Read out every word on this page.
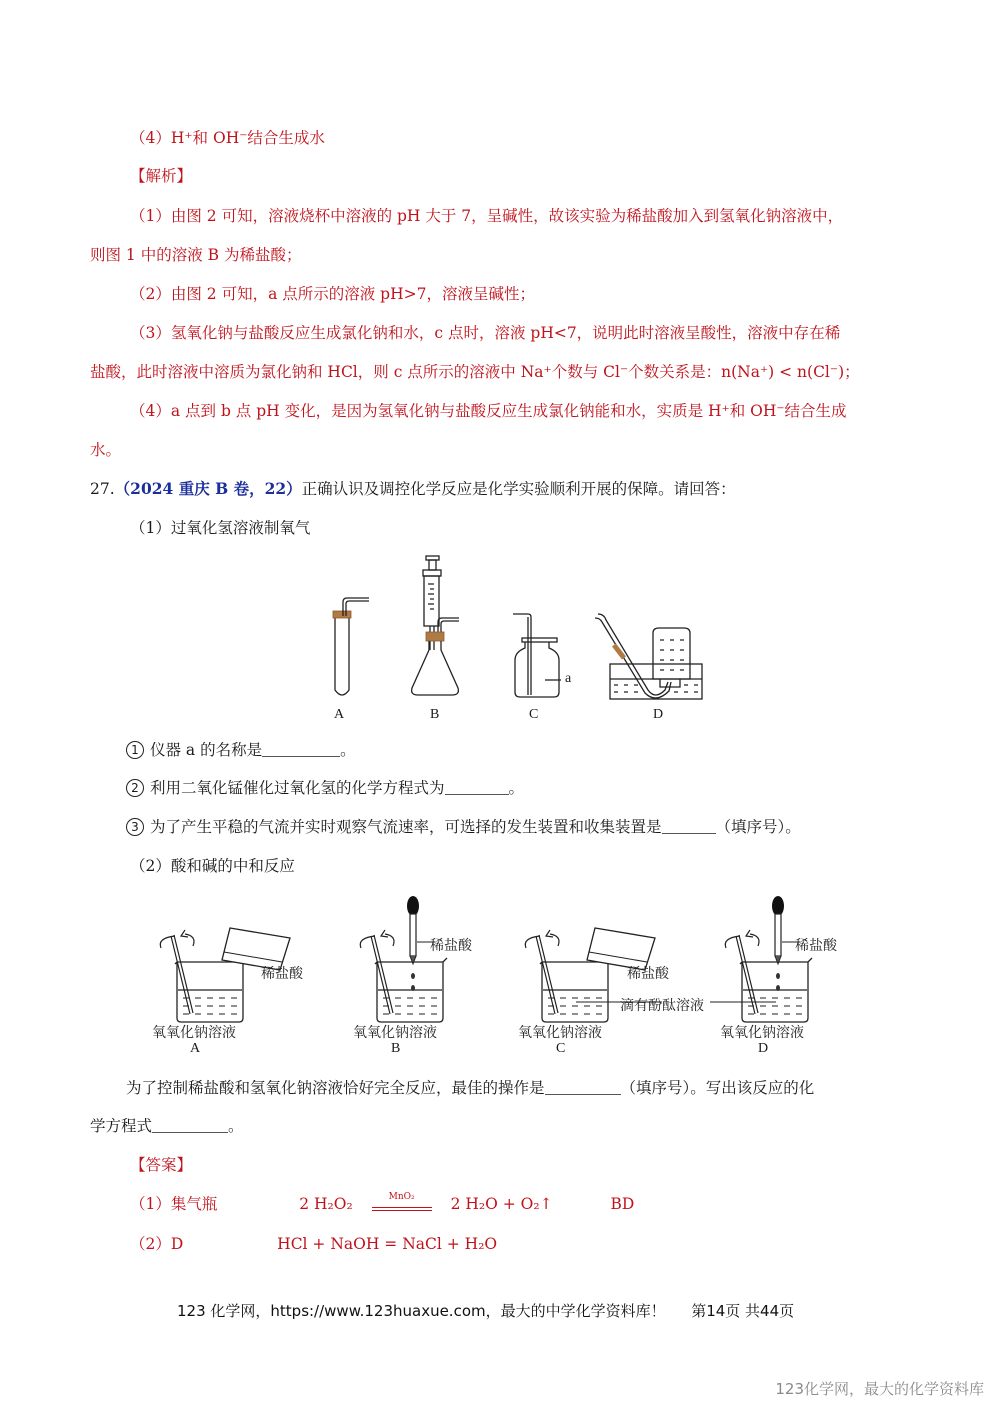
（4）H⁺和 OH⁻结合生成水
【解析】
（1）由图 2 可知，溶液烧杯中溶液的 pH 大于 7，呈碱性，故该实验为稀盐酸加入到氢氧化钠溶液中，
则图 1 中的溶液 B 为稀盐酸；
（2）由图 2 可知，a 点所示的溶液 pH>7，溶液呈碱性；
（3）氢氧化钠与盐酸反应生成氯化钠和水，c 点时，溶液 pH<7，说明此时溶液呈酸性，溶液中存在稀
盐酸，此时溶液中溶质为氯化钠和 HCl，则 c 点所示的溶液中 Na⁺个数与 Cl⁻个数关系是：n(Na⁺) < n(Cl⁻)；
（4）a 点到 b 点 pH 变化，是因为氢氧化钠与盐酸反应生成氯化钠能和水，实质是 H⁺和 OH⁻结合生成
水。
27.（2024 重庆 B 卷，22）正确认识及调控化学反应是化学实验顺利开展的保障。请回答：
（1）过氧化氢溶液制氧气
A	B	C	D
a
1 仪器 a 的名称是	。
2 利用二氧化锰催化过氧化氢的化学方程式为	。
3 为了产生平稳的气流并实时观察气流速率，可选择的发生装置和收集装置是	（填序号）。
（2）酸和碱的中和反应
稀盐酸
稀盐酸
稀盐酸
稀盐酸
滴有酚酞溶液
氧氧化钠溶液	氧氧化钠溶液	氧氧化钠溶液	氧氧化钠溶液
A	B	C	D
为了控制稀盐酸和氢氧化钠溶液恰好完全反应，最佳的操作是	（填序号）。写出该反应的化
学方程式	。
【答案】
（1）集气瓶	2 H₂O₂	MnO₂	2 H₂O + O₂↑	BD
（2）D	HCl + NaOH = NaCl + H₂O
123 化学网，https://www.123huaxue.com，最大的中学化学资料库！ 第14页 共44页
123化学网，最大的化学资料库
